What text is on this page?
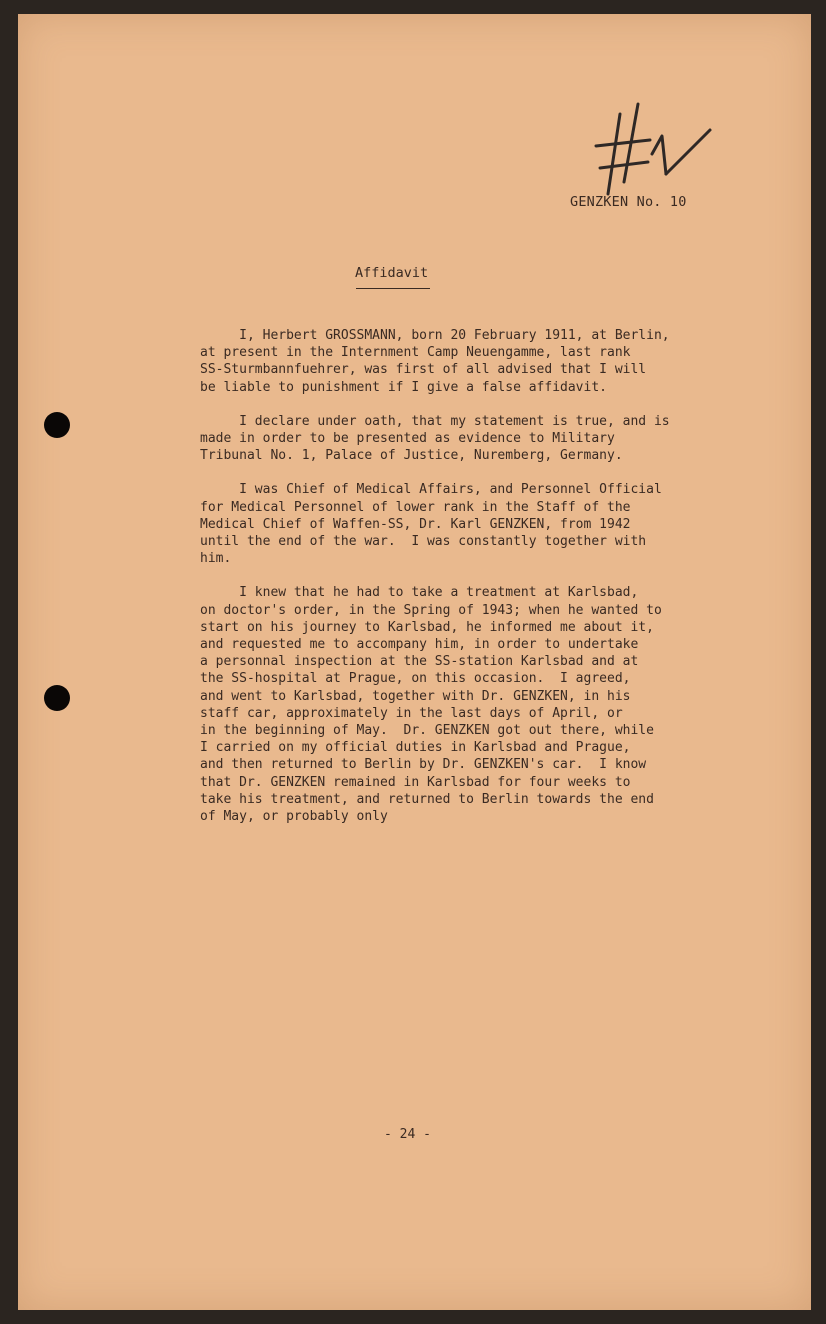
GENZKEN No. 10
Affidavit

I, Herbert GROSSMANN, born 20 February 1911, at Berlin,
at present in the Internment Camp Neuengamme, last rank
SS-Sturmbannfuehrer, was first of all advised that I will
be liable to punishment if I give a false affidavit.

I declare under oath, that my statement is true, and is
made in order to be presented as evidence to Military
Tribunal No. 1, Palace of Justice, Nuremberg, Germany.

I was Chief of Medical Affairs, and Personnel Official
for Medical Personnel of lower rank in the Staff of the
Medical Chief of Waffen-SS, Dr. Karl GENZKEN, from 1942
until the end of the war.  I was constantly together with
him.

I knew that he had to take a treatment at Karlsbad,
on doctor's order, in the Spring of 1943; when he wanted to
start on his journey to Karlsbad, he informed me about it,
and requested me to accompany him, in order to undertake
a personnal inspection at the SS-station Karlsbad and at
the SS-hospital at Prague, on this occasion.  I agreed,
and went to Karlsbad, together with Dr. GENZKEN, in his
staff car, approximately in the last days of April, or
in the beginning of May.  Dr. GENZKEN got out there, while
I carried on my official duties in Karlsbad and Prague,
and then returned to Berlin by Dr. GENZKEN's car.  I know
that Dr. GENZKEN remained in Karlsbad for four weeks to
take his treatment, and returned to Berlin towards the end
of May, or probably only

- 24 -
